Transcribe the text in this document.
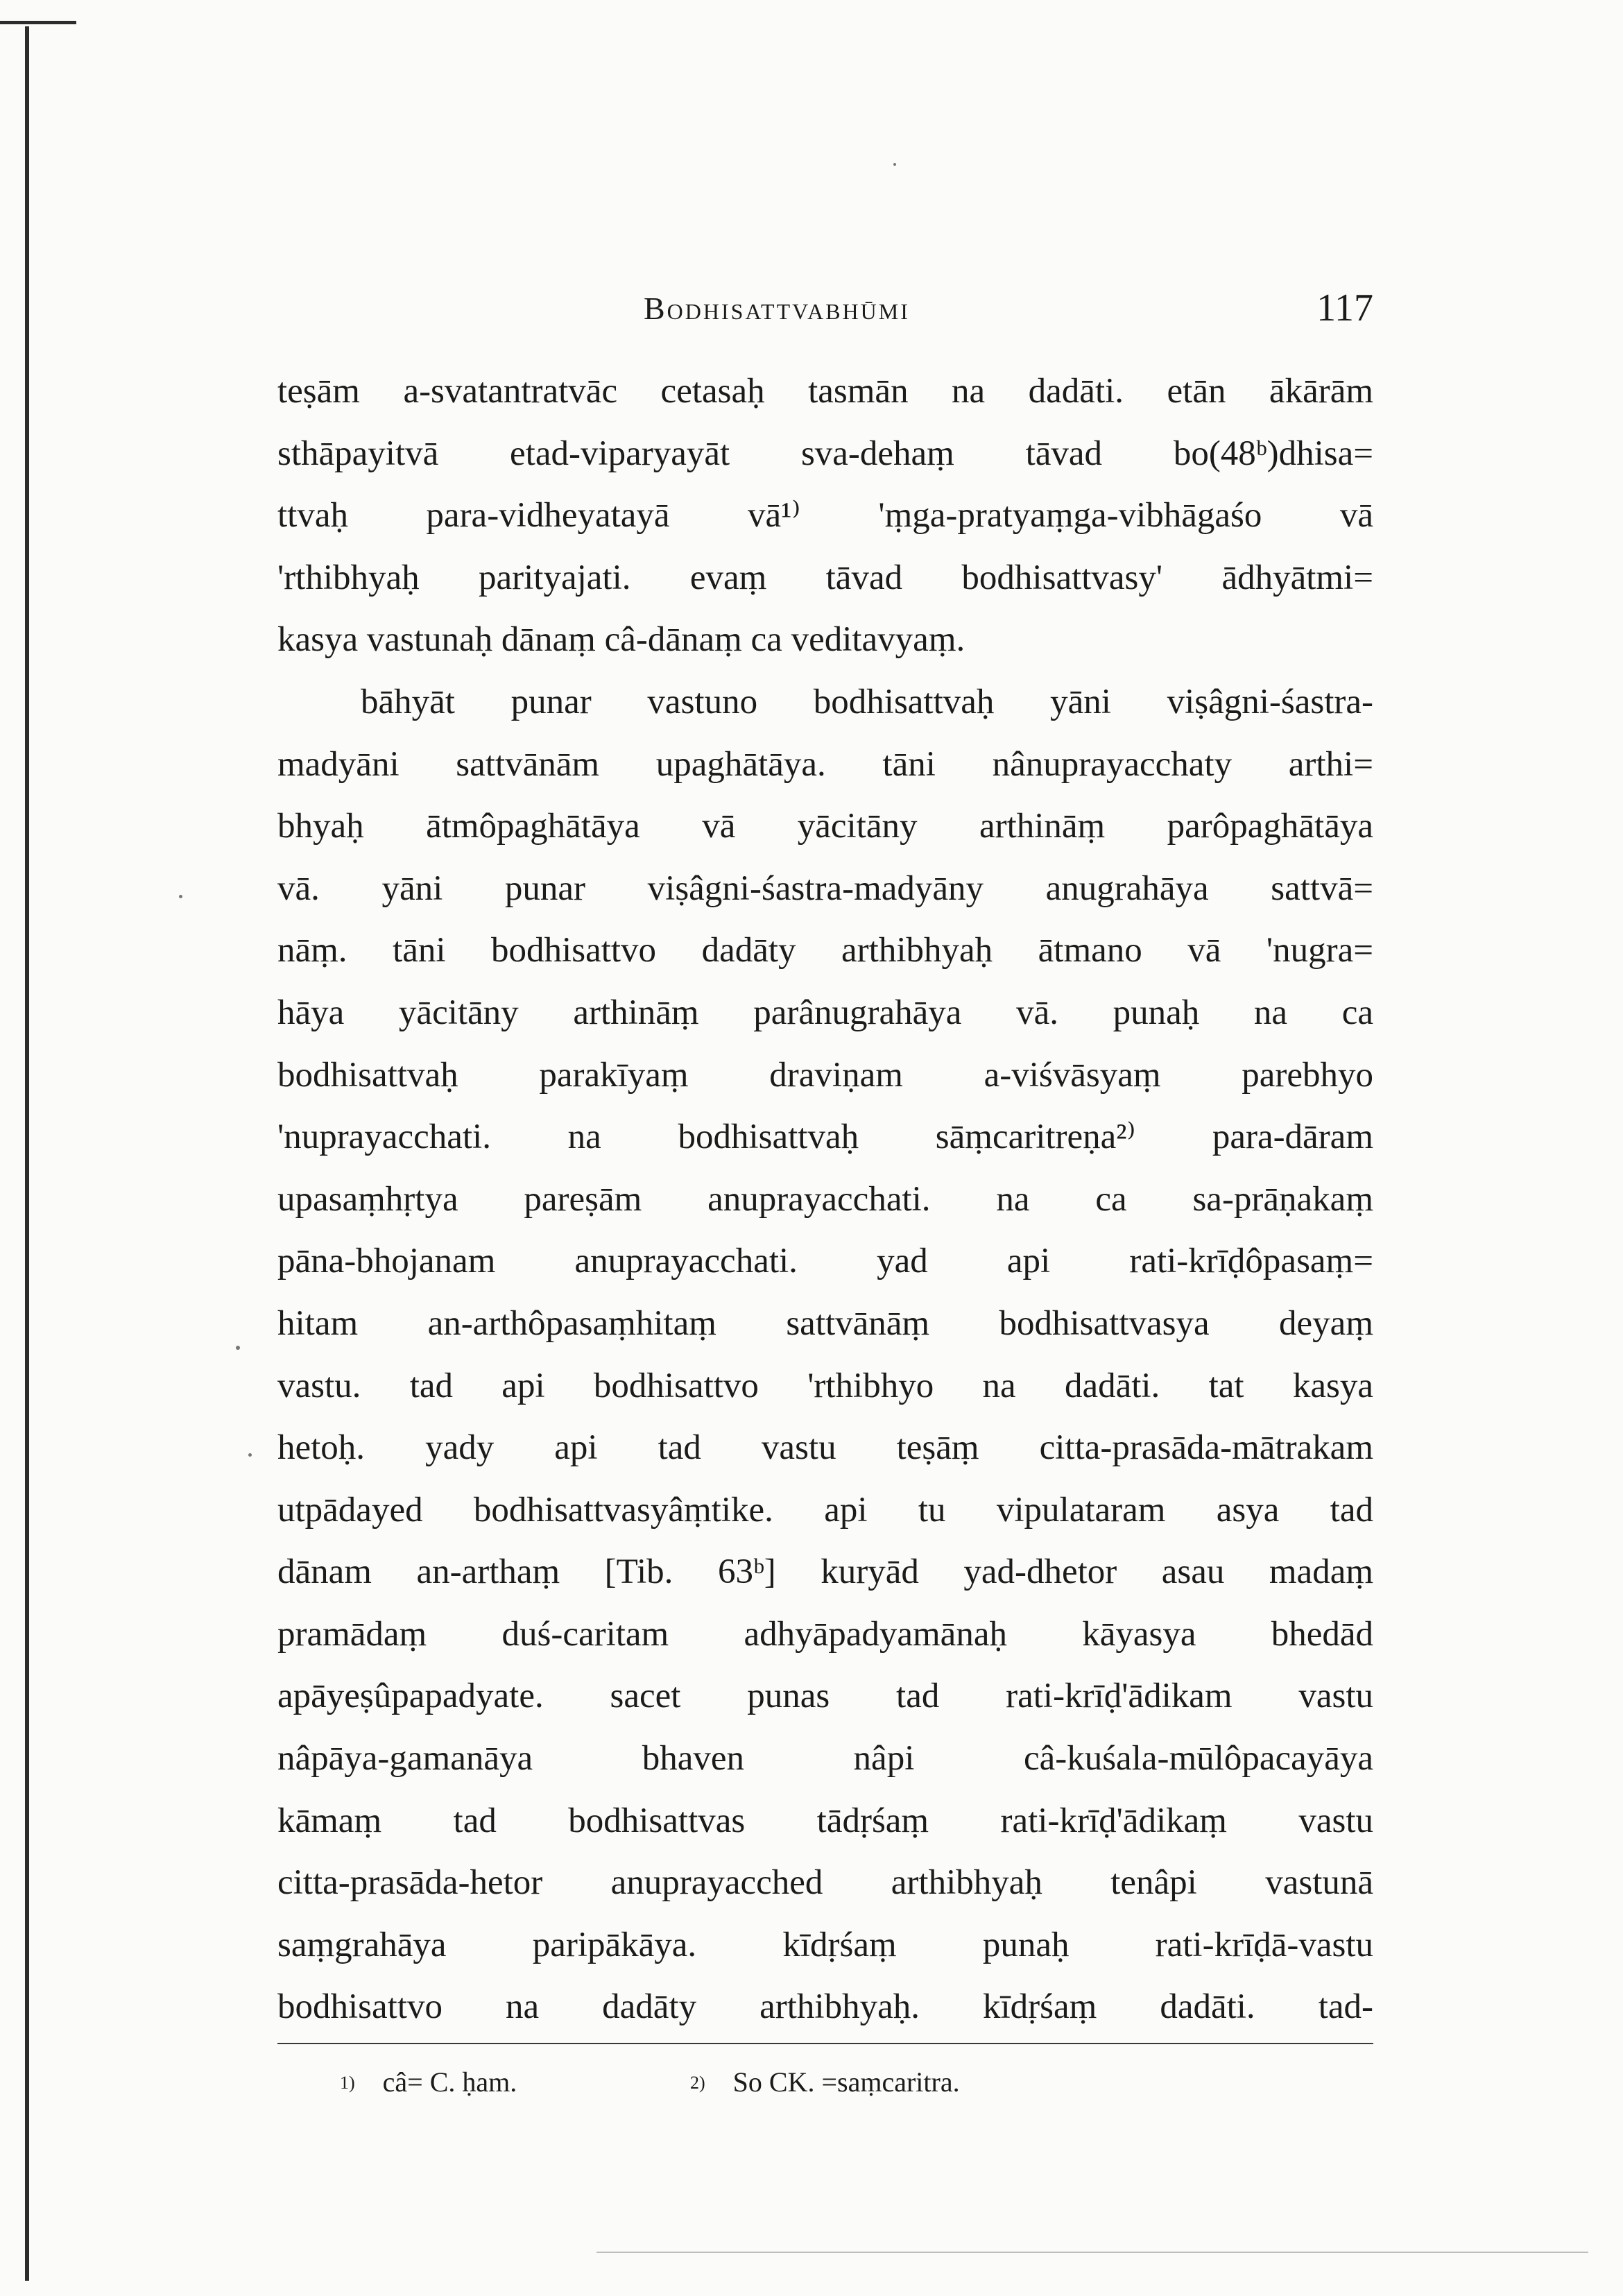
Bodhisattvabhūmi	117
teṣām a-svatantratvāc cetasaḥ tasmān na dadāti. etān ākārām
sthāpayitvā etad-viparyayāt sva-dehaṃ tāvad bo(48ᵇ)dhisa=
ttvaḥ para-vidheyatayā vā¹⁾ 'ṃga-pratyaṃga-vibhāgaśo vā
'rthibhyaḥ parityajati. evaṃ tāvad bodhisattvasy' ādhyātmi=
kasya vastunaḥ dānaṃ câ-dānaṃ ca veditavyaṃ.
bāhyāt punar vastuno bodhisattvaḥ yāni viṣâgni-śastra-
madyāni sattvānām upaghātāya. tāni nânuprayacchaty arthi=
bhyaḥ ātmôpaghātāya vā yācitāny arthināṃ parôpaghātāya
vā. yāni punar viṣâgni-śastra-madyāny anugrahāya sattvā=
nāṃ. tāni bodhisattvo dadāty arthibhyaḥ ātmano vā 'nugra=
hāya yācitāny arthināṃ parânugrahāya vā. punaḥ na ca
bodhisattvaḥ parakīyaṃ draviṇam a-viśvāsyaṃ parebhyo
'nuprayacchati. na bodhisattvaḥ sāṃcaritreṇa²⁾ para-dāram
upasaṃhṛtya pareṣām anuprayacchati. na ca sa-prāṇakaṃ
pāna-bhojanam anuprayacchati. yad api rati-krīḍôpasaṃ=
hitam an-arthôpasaṃhitaṃ sattvānāṃ bodhisattvasya deyaṃ
vastu. tad api bodhisattvo 'rthibhyo na dadāti. tat kasya
hetoḥ. yady api tad vastu teṣāṃ citta-prasāda-mātrakam
utpādayed bodhisattvasyâṃtike. api tu vipulataram asya tad
dānam an-arthaṃ [Tib. 63ᵇ] kuryād yad-dhetor asau madaṃ
pramādaṃ duś-caritam adhyāpadyamānaḥ kāyasya bhedād
apāyeṣûpapadyate. sacet punas tad rati-krīḍ'ādikam vastu
nâpāya-gamanāya bhaven nâpi câ-kuśala-mūlôpacayāya
kāmaṃ tad bodhisattvas tādṛśaṃ rati-krīḍ'ādikaṃ vastu
citta-prasāda-hetor anuprayacched arthibhyaḥ tenâpi vastunā
saṃgrahāya paripākāya. kīdṛśaṃ punaḥ rati-krīḍā-vastu
bodhisattvo na dadāty arthibhyaḥ. kīdṛśaṃ dadāti. tad-
1) câ= C. ḥam.	2) So CK. =saṃcaritra.
